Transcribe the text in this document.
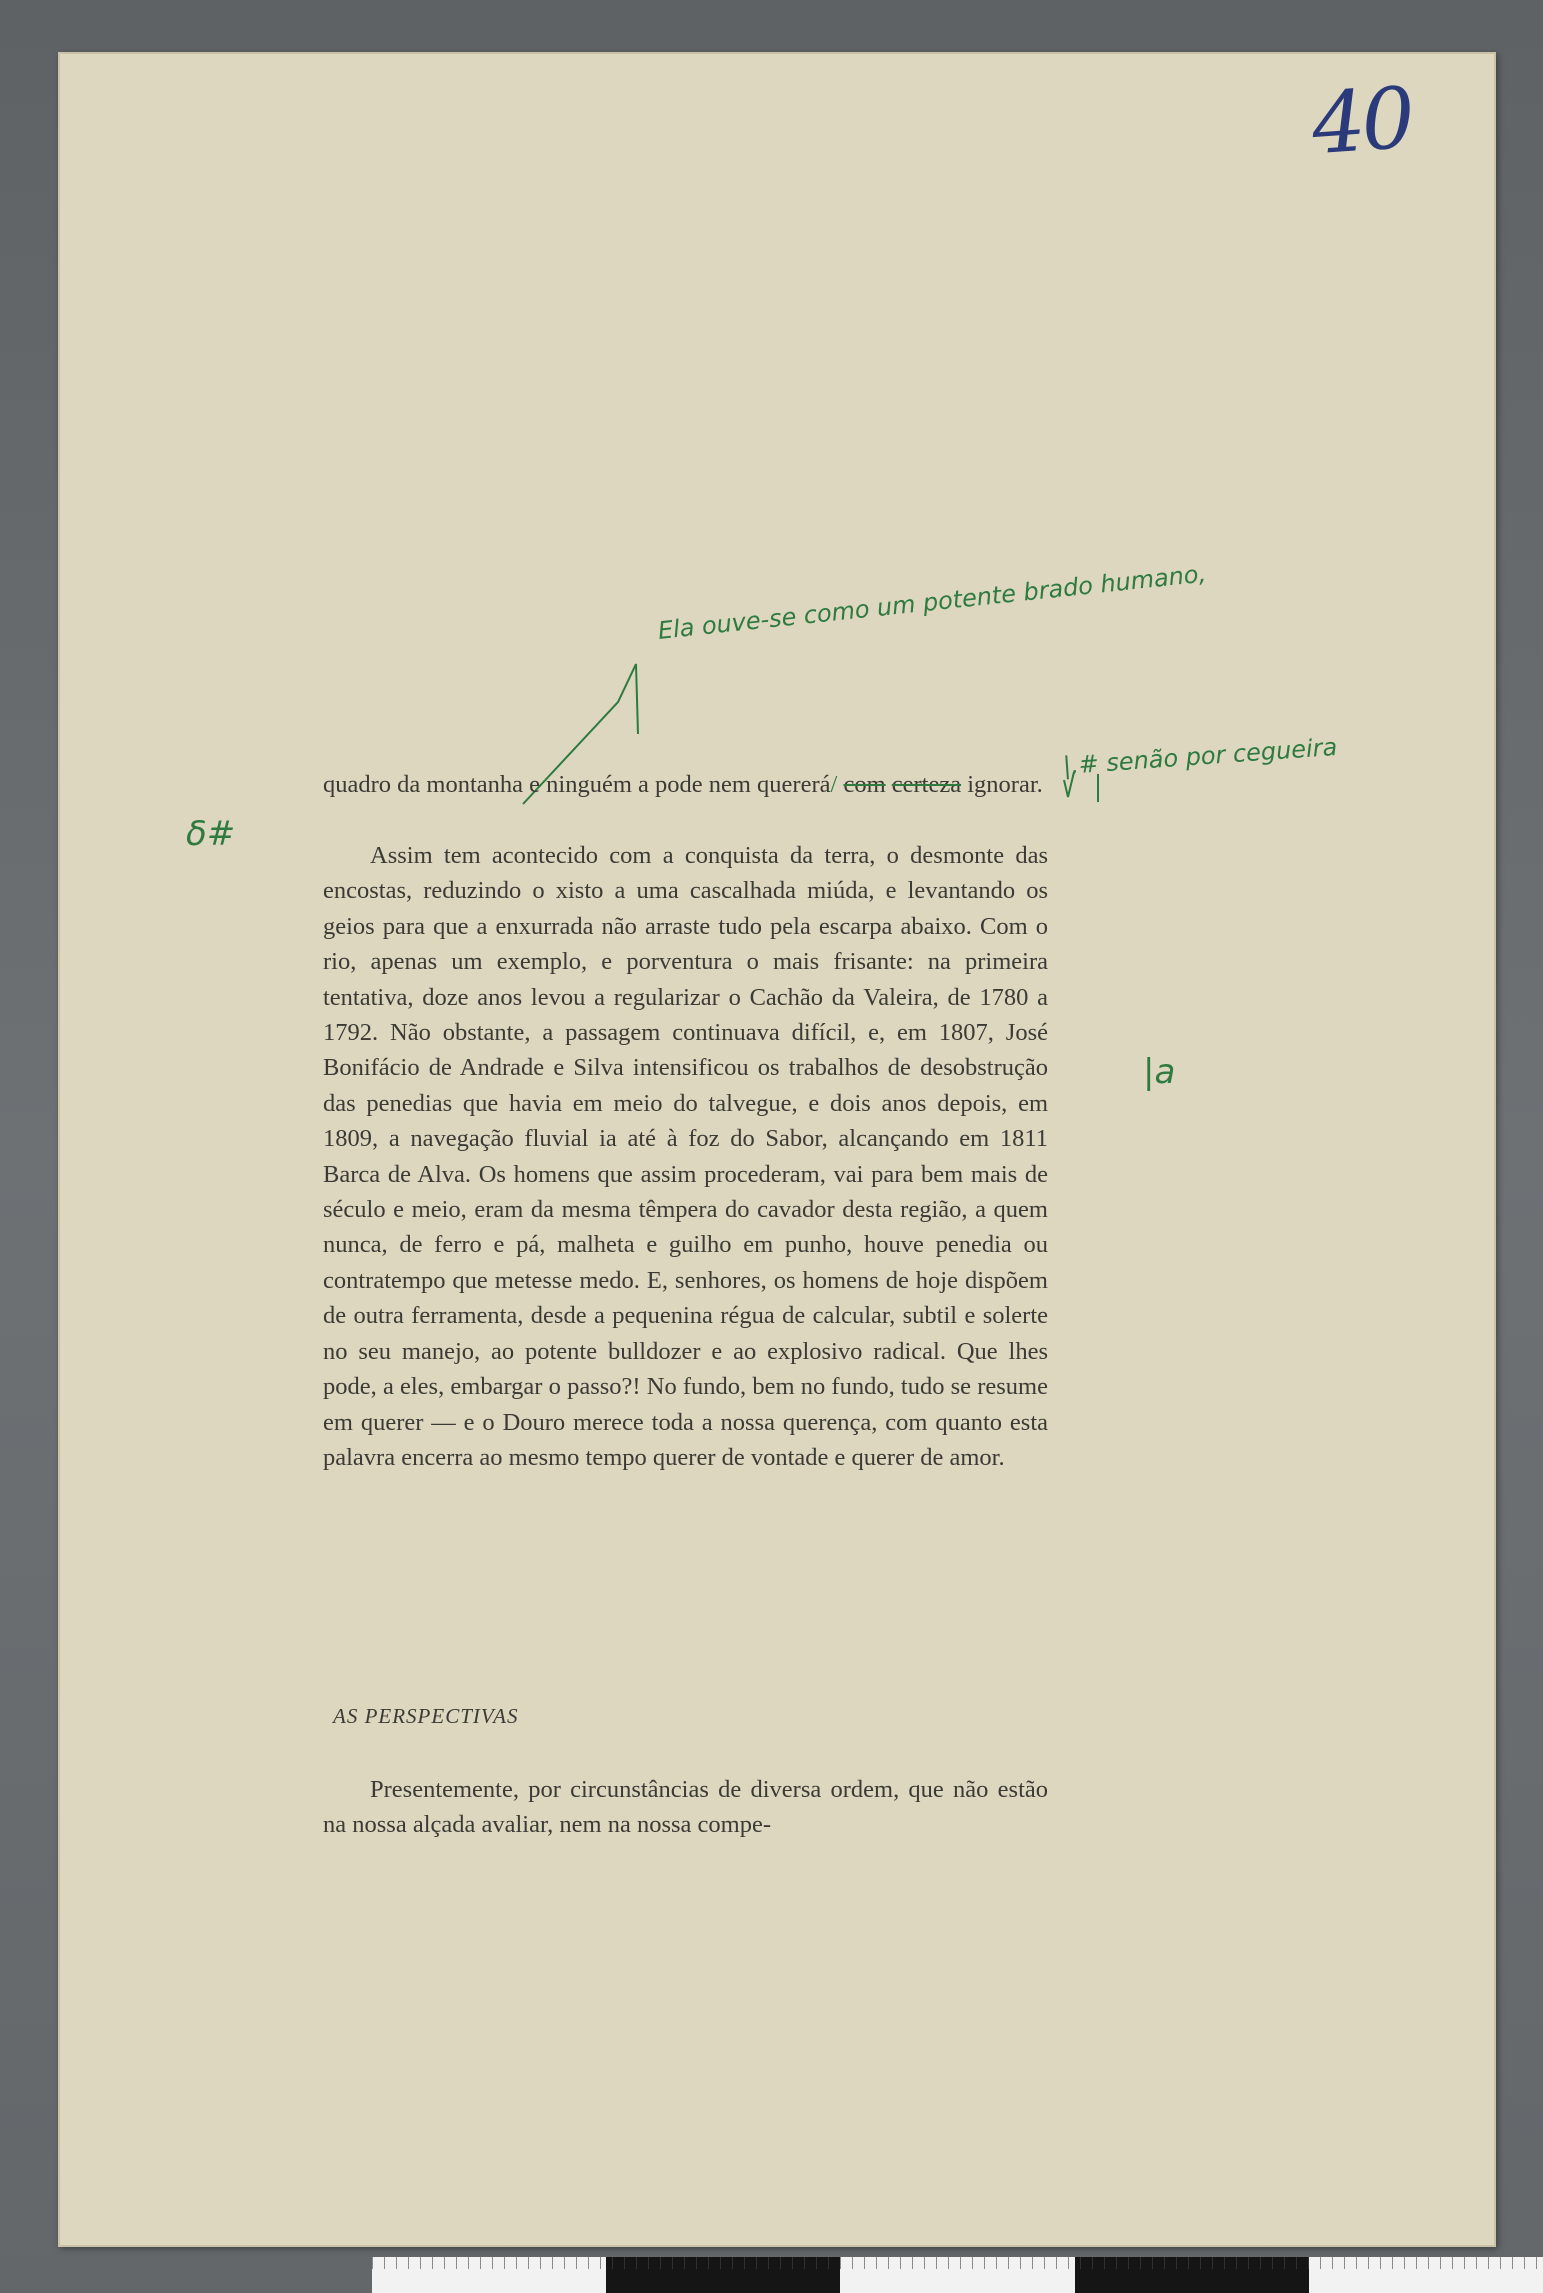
40
Ela ouve-se como um potente brado humano,
|,# senão por cegueira
δ#
|a

quadro da montanha e ninguém a pode nem quererá/ com certeza ignorar.

Assim tem acontecido com a conquista da terra, o desmonte das encostas, reduzindo o xisto a uma cascalhada miúda, e levantando os geios para que a enxurrada não arraste tudo pela escarpa abaixo. Com o rio, apenas um exemplo, e porventura o mais frisante: na primeira tentativa, doze anos levou a regularizar o Cachão da Valeira, de 1780 a 1792. Não obstante, a passagem continuava difícil, e, em 1807, José Bonifácio de Andrade e Silva intensificou os trabalhos de desobstrução das penedias que havia em meio do talvegue, e dois anos depois, em 1809, a navegação fluvial ia até à foz do Sabor, alcançando em 1811 Barca de Alva. Os homens que assim procederam, vai para bem mais de século e meio, eram da mesma têmpera do cavador desta região, a quem nunca, de ferro e pá, malheta e guilho em punho, houve penedia ou contratempo que metesse medo. E, senhores, os homens de hoje dispõem de outra ferramenta, desde a pequenina régua de calcular, subtil e solerte no seu manejo, ao potente bulldozer e ao explosivo radical. Que lhes pode, a eles, embargar o passo?! No fundo, bem no fundo, tudo se resume em querer — e o Douro merece toda a nossa querença, com quanto esta palavra encerra ao mesmo tempo querer de vontade e querer de amor.

AS PERSPECTIVAS

Presentemente, por circunstâncias de diversa ordem, que não estão na nossa alçada avaliar, nem na nossa compe-
